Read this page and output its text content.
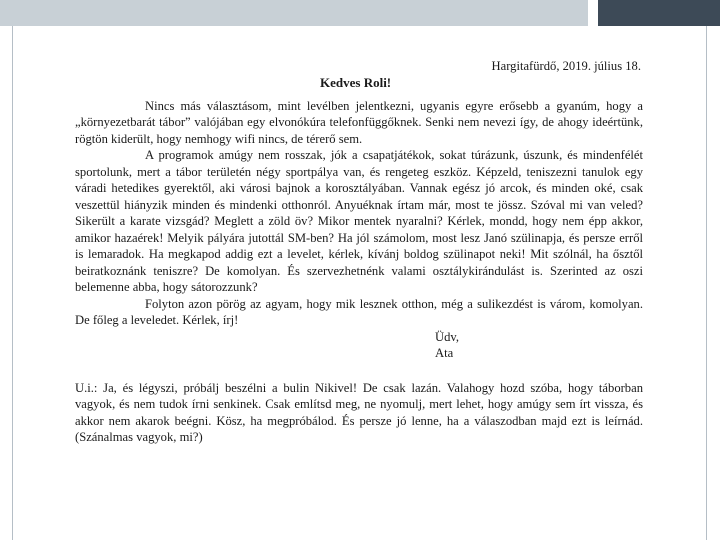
Hargitafürdő, 2019. július 18.
Kedves Roli!

Nincs más választásom, mint levélben jelentkezni, ugyanis egyre erősebb a gyanúm, hogy a „környezetbarát tábor” valójában egy elvonókúra telefonfüggőknek. Senki nem nevezi így, de ahogy ideértünk, rögtön kiderült, hogy nemhogy wifi nincs, de térerő sem.

A programok amúgy nem rosszak, jók a csapatjátékok, sokat túrázunk, úszunk, és mindenfélét sportolunk, mert a tábor területén négy sportpálya van, és rengeteg eszköz. Képzeld, teniszezni tanulok egy váradi hetedikes gyerektől, aki városi bajnok a korosztályában. Vannak egész jó arcok, és minden oké, csak veszettül hiányzik minden és mindenki otthonról. Anyuéknak írtam már, most te jössz. Szóval mi van veled? Sikerült a karate vizsgád? Meglett a zöld öv? Mikor mentek nyaralni? Kérlek, mondd, hogy nem épp akkor, amikor hazaérek! Melyik pályára jutottál SM-ben? Ha jól számolom, most lesz Janó szülinapja, és persze erről is lemaradok. Ha megkapod addig ezt a levelet, kérlek, kívánj boldog szülinapot neki! Mit szólnál, ha ősztől beiratkoznánk teniszre? De komolyan. És szervezhetnénk valami osztálykirándulást is. Szerinted az oszi belemenne abba, hogy sátorozzunk?

Folyton azon pörög az agyam, hogy mik lesznek otthon, még a sulikezdést is várom, komolyan. De főleg a leveledet. Kérlek, írj!

Üdv,

Ata

U.i.: Ja, és légyszi, próbálj beszélni a bulin Nikivel! De csak lazán. Valahogy hozd szóba, hogy táborban vagyok, és nem tudok írni senkinek. Csak említsd meg, ne nyomulj, mert lehet, hogy amúgy sem írt vissza, és akkor nem akarok beégni. Kösz, ha megpróbálod. És persze jó lenne, ha a válaszodban majd ezt is leírnád. (Szánalmas vagyok, mi?)
